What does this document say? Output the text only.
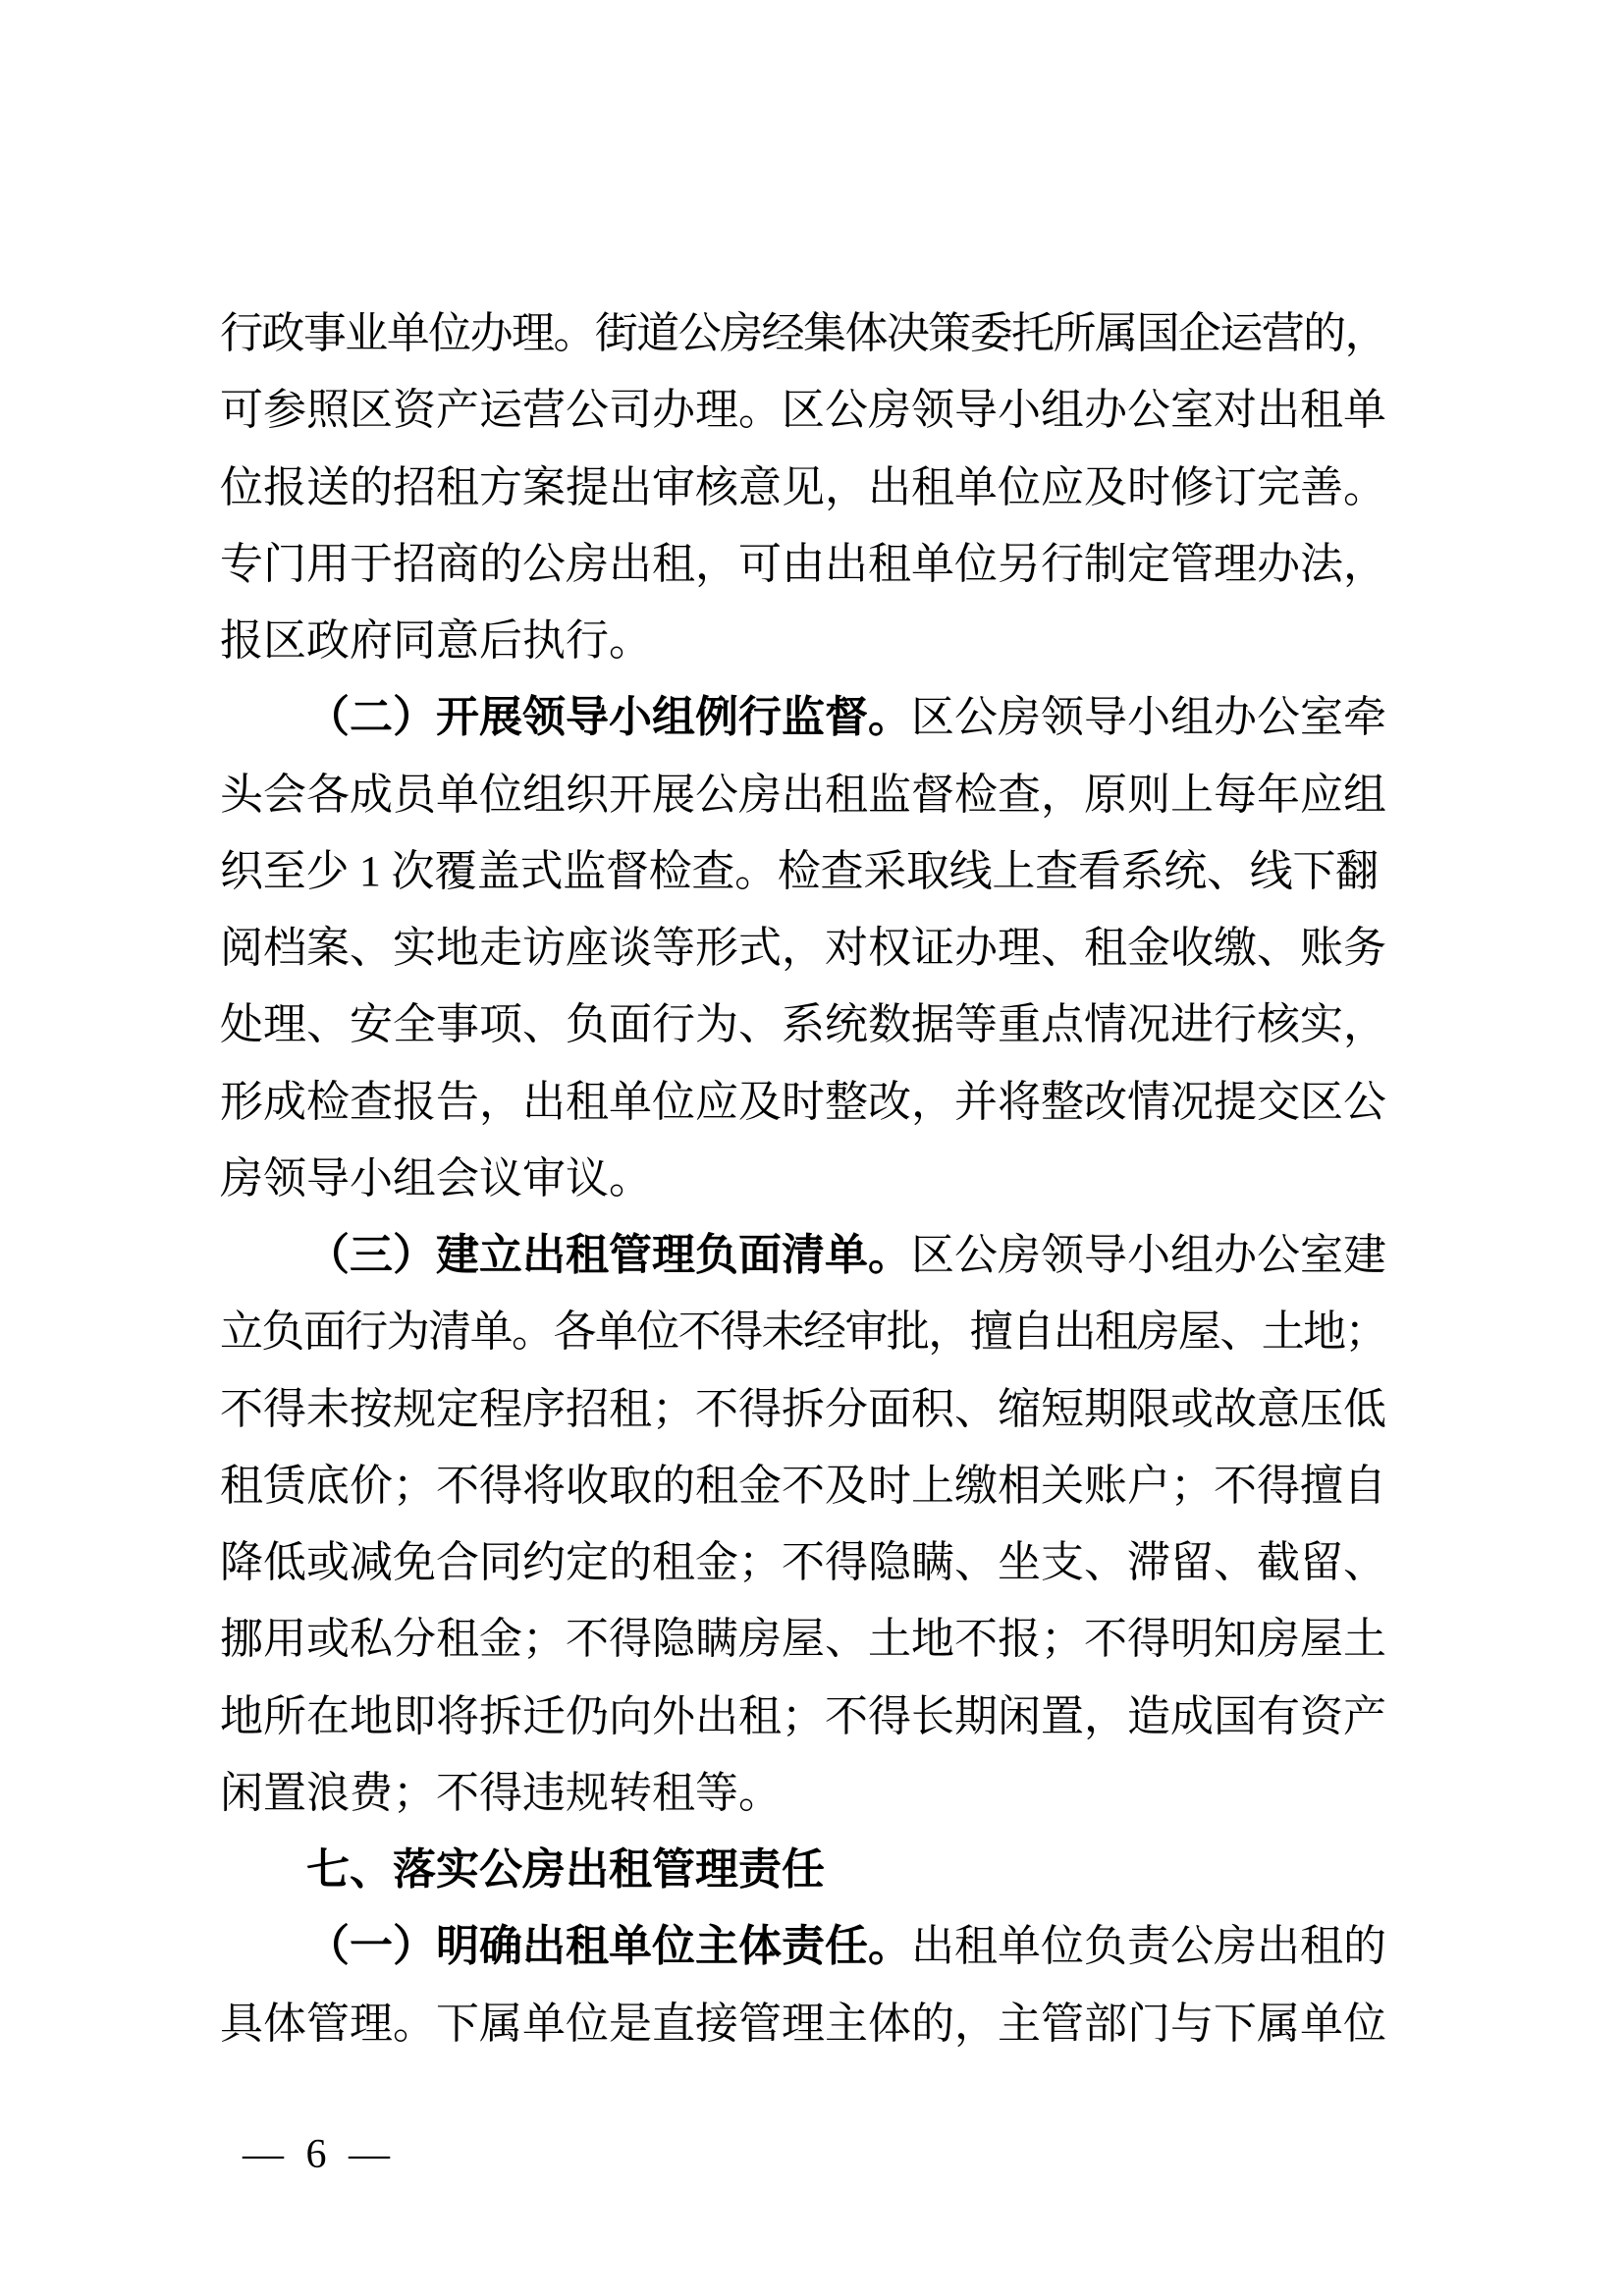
行政事业单位办理。街道公房经集体决策委托所属国企运营的，
可参照区资产运营公司办理。区公房领导小组办公室对出租单
位报送的招租方案提出审核意见，出租单位应及时修订完善。
专门用于招商的公房出租，可由出租单位另行制定管理办法，
报区政府同意后执行。
（二）开展领导小组例行监督。区公房领导小组办公室牵
头会各成员单位组织开展公房出租监督检查，原则上每年应组
织至少 1 次覆盖式监督检查。检查采取线上查看系统、线下翻
阅档案、实地走访座谈等形式，对权证办理、租金收缴、账务
处理、安全事项、负面行为、系统数据等重点情况进行核实，
形成检查报告，出租单位应及时整改，并将整改情况提交区公
房领导小组会议审议。
（三）建立出租管理负面清单。区公房领导小组办公室建
立负面行为清单。各单位不得未经审批，擅自出租房屋、土地；
不得未按规定程序招租；不得拆分面积、缩短期限或故意压低
租赁底价；不得将收取的租金不及时上缴相关账户；不得擅自
降低或减免合同约定的租金；不得隐瞒、坐支、滞留、截留、
挪用或私分租金；不得隐瞒房屋、土地不报；不得明知房屋土
地所在地即将拆迁仍向外出租；不得长期闲置，造成国有资产
闲置浪费；不得违规转租等。
七、落实公房出租管理责任
（一）明确出租单位主体责任。出租单位负责公房出租的
具体管理。下属单位是直接管理主体的，主管部门与下属单位
— 6 —
